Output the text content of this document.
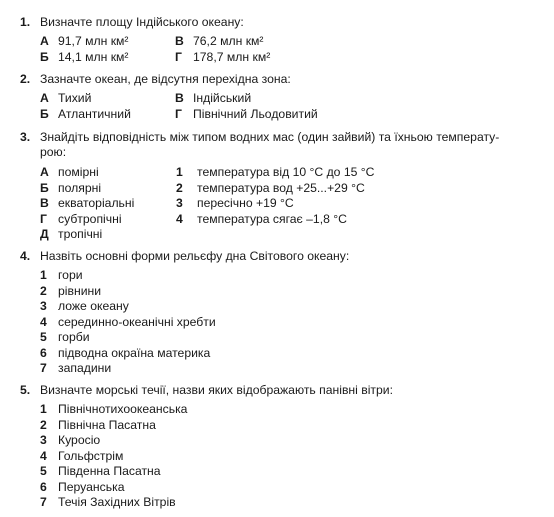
1. Визначте площу Індійського океану:
А 91,7 млн км²	В 76,2 млн км²
Б 14,1 млн км²	Г 178,7 млн км²
2. Зазначте океан, де відсутня перехідна зона:
А Тихий	В Індійський
Б Атлантичний	Г Північний Льодовитий
3. Знайдіть відповідність між типом водних мас (один зайвий) та їхньою температу-
рою:
А помірні	1 температура від 10 °С до 15 °С
Б полярні	2 температура вод +25...+29 °С
В екваторіальні	3 пересічно +19 °С
Г субтропічні	4 температура сягає –1,8 °С
Д тропічні
4. Назвіть основні форми рельєфу дна Світового океану:
1 гори
2 рівнини
3 ложе океану
4 серединно-океанічні хребти
5 горби
6 підводна окраїна материка
7 западини
5. Визначте морські течії, назви яких відображають панівні вітри:
1 Північнотихоокеанська
2 Північна Пасатна
3 Куросіо
4 Гольфстрім
5 Південна Пасатна
6 Перуанська
7 Течія Західних Вітрів
